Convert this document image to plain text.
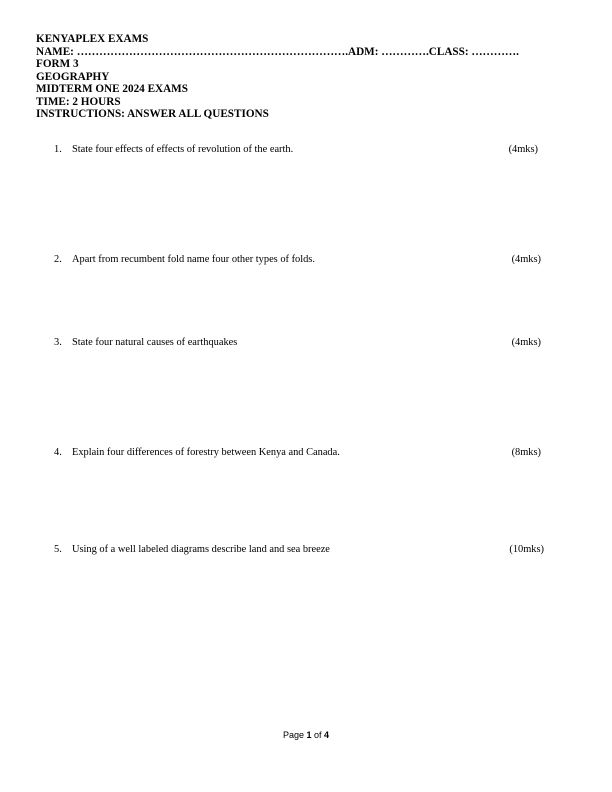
KENYAPLEX EXAMS
NAME: ……………………………………………………………….ADM: ………….CLASS: ………….
FORM 3
GEOGRAPHY
MIDTERM ONE 2024 EXAMS
TIME: 2 HOURS
INSTRUCTIONS: ANSWER ALL QUESTIONS
1. State four effects of effects of revolution of the earth.	(4mks)
2. Apart from recumbent fold name four other types of folds.	(4mks)
3. State four natural causes of earthquakes	(4mks)
4. Explain four differences of forestry between Kenya and Canada.	(8mks)
5. Using of a well labeled diagrams describe land and sea breeze	(10mks)
Page 1 of 4
